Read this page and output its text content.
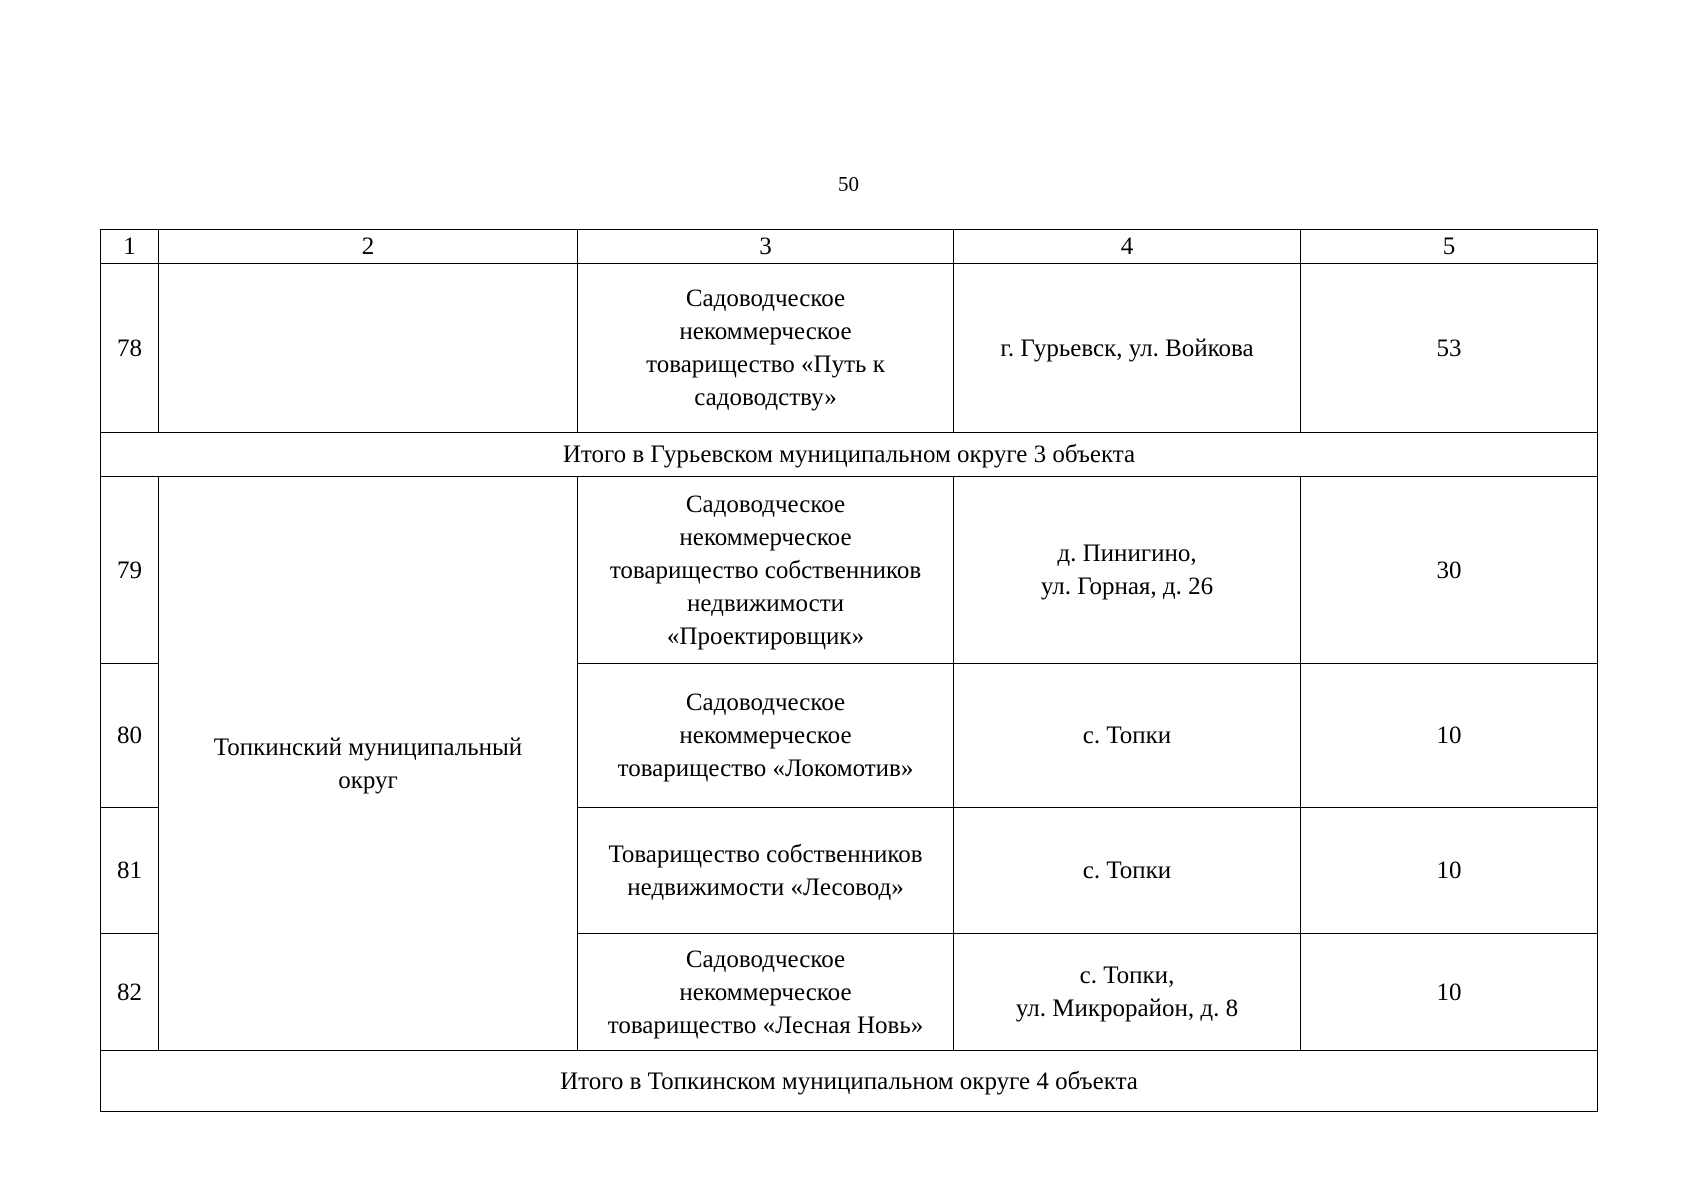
50
1	2	3	4	5
78		Садоводческое
некоммерческое
товарищество «Путь к
садоводству»	г. Гурьевск, ул. Войкова	53
Итого в Гурьевском муниципальном округе 3 объекта				
79	Топкинский муниципальный
округ	Садоводческое
некоммерческое
товарищество собственников
недвижимости
«Проектировщик»	д. Пинигино,
ул. Горная, д. 26	30
80		Садоводческое
некоммерческое
товарищество «Локомотив»	с. Топки	10
81		Товарищество собственников
недвижимости «Лесовод»	с. Топки	10
82		Садоводческое
некоммерческое
товарищество «Лесная Новь»	с. Топки,
ул. Микрорайон, д. 8	10
Итого в Топкинском муниципальном округе 4 объекта				
